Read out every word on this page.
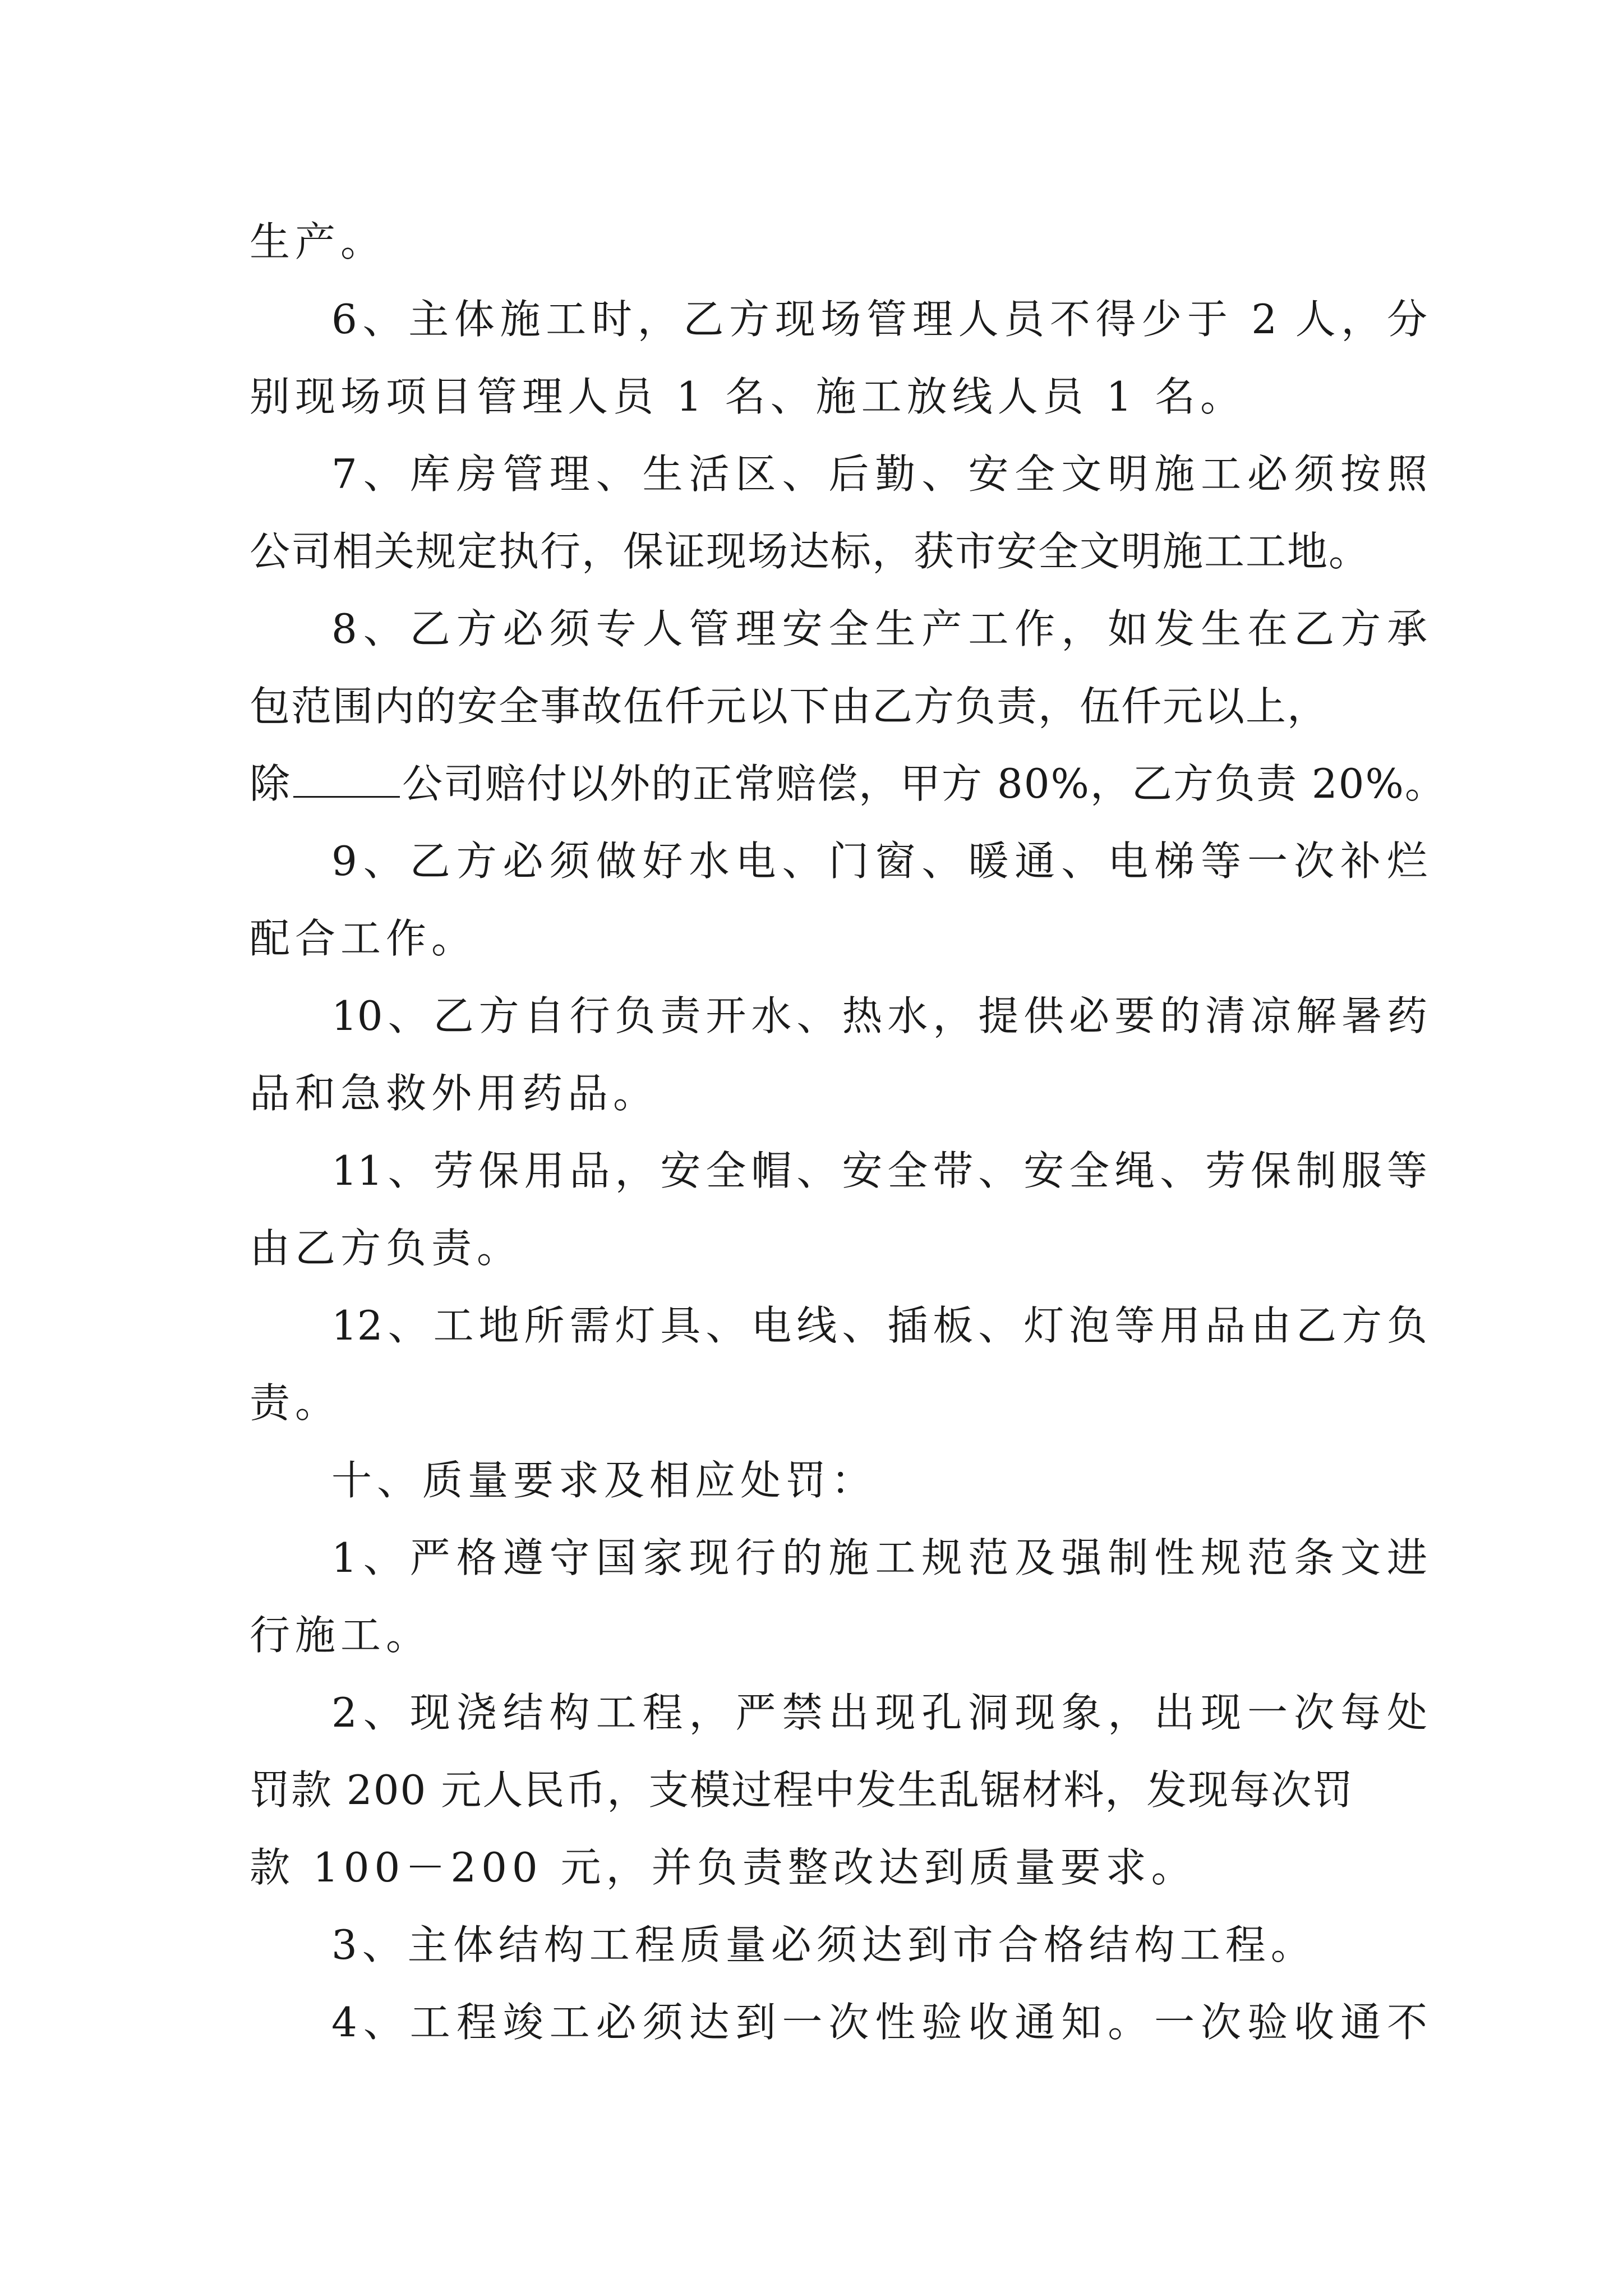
生产。
6、主体施工时，乙方现场管理人员不得少于 2 人，分
别现场项目管理人员 1 名、施工放线人员 1 名。
7、库房管理、生活区、后勤、安全文明施工必须按照
公司相关规定执行，保证现场达标，获市安全文明施工工地。
8、乙方必须专人管理安全生产工作，如发生在乙方承
包范围内的安全事故伍仟元以下由乙方负责，伍仟元以上，
除	公司赔付以外的正常赔偿，甲方 80%，乙方负责 20%。
9、乙方必须做好水电、门窗、暖通、电梯等一次补烂
配合工作。
10、乙方自行负责开水、热水，提供必要的清凉解暑药
品和急救外用药品。
11、劳保用品，安全帽、安全带、安全绳、劳保制服等
由乙方负责。
12、工地所需灯具、电线、插板、灯泡等用品由乙方负
责。
十、质量要求及相应处罚：
1、严格遵守国家现行的施工规范及强制性规范条文进
行施工。
2、现浇结构工程，严禁出现孔洞现象，出现一次每处
罚款 200 元人民币，支模过程中发生乱锯材料，发现每次罚
款 100－200 元，并负责整改达到质量要求。
3、主体结构工程质量必须达到市合格结构工程。
4、工程竣工必须达到一次性验收通知。一次验收通不
